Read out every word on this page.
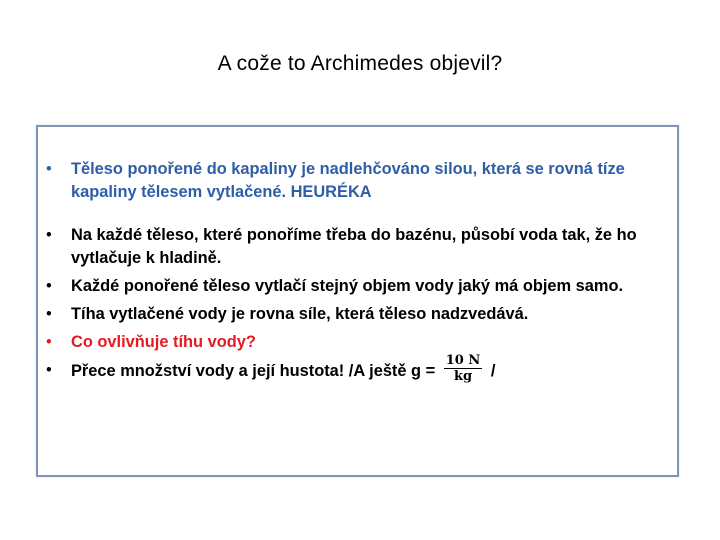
A cože to Archimedes objevil?
• Těleso ponořené do kapaliny je nadlehčováno silou, která se rovná tíze kapaliny tělesem vytlačené. HEURÉKA
• Na každé těleso, které ponoříme třeba do bazénu, působí voda tak, že ho vytlačuje k hladině.
• Každé ponořené těleso vytlačí stejný objem vody jaký má objem samo.
• Tíha vytlačené vody je rovna síle, která těleso nadzvedává.
• Co ovlivňuje tíhu vody?
• Přece množství vody a její hustota! /A ještě $g = \frac{10 N}{kg}$ /
